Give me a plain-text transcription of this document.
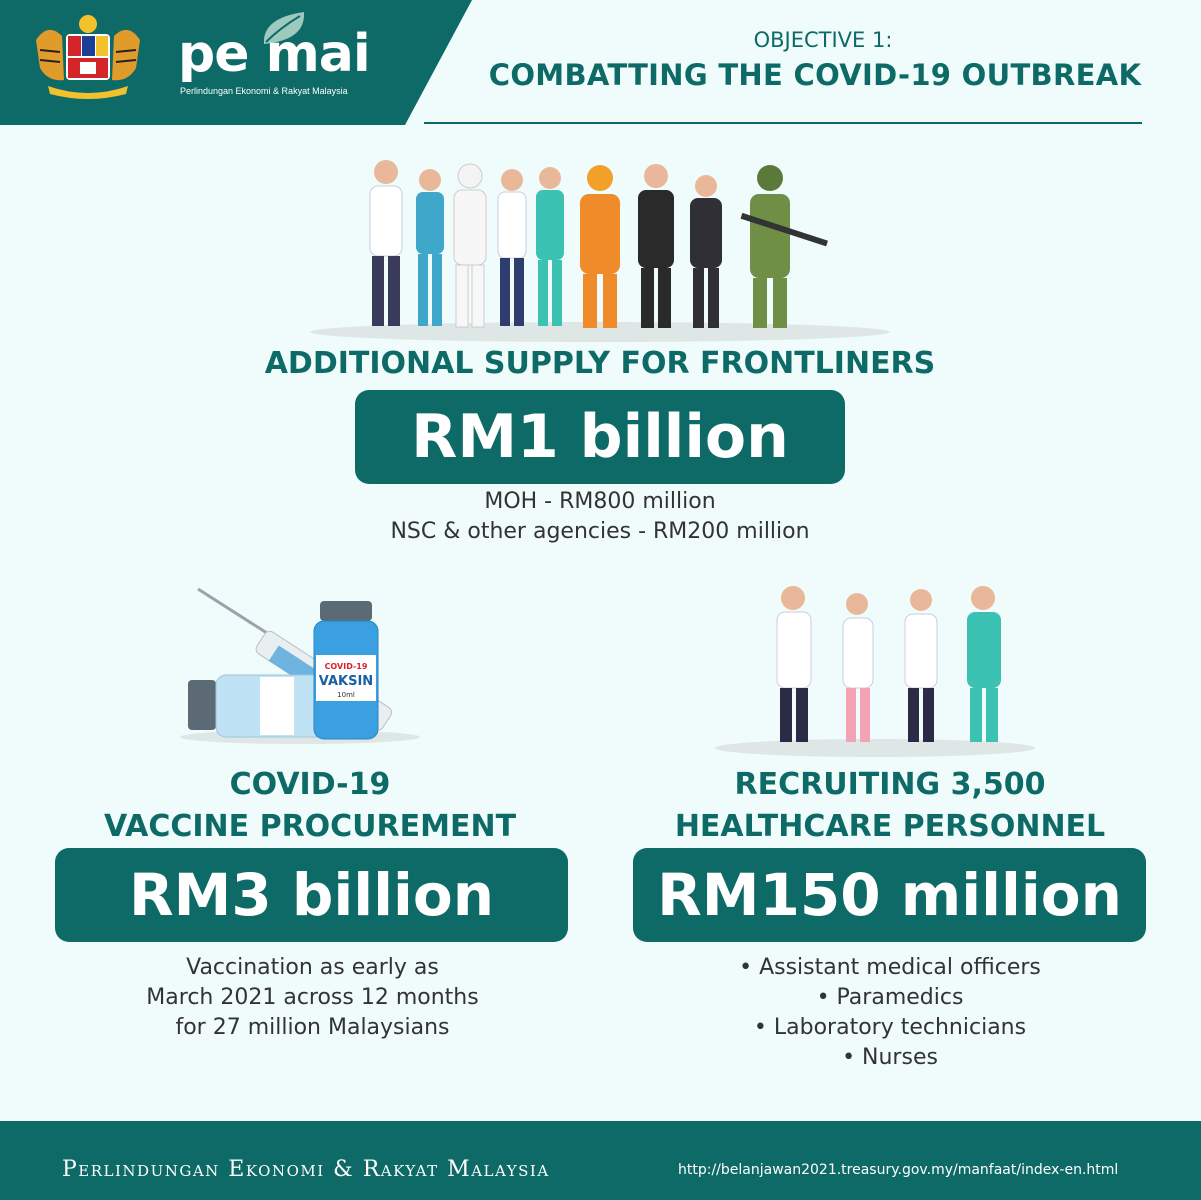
pe mai
Perlindungan Ekonomi & Rakyat Malaysia
OBJECTIVE 1:
COMBATTING THE COVID-19 OUTBREAK
ADDITIONAL SUPPLY FOR FRONTLINERS
RM1 billion
MOH - RM800 million
NSC & other agencies - RM200 million
COVID-19
VAKSIN
10ml
COVID-19
VACCINE PROCUREMENT
RM3 billion
Vaccination as early as
March 2021 across 12 months
for 27 million Malaysians
RECRUITING 3,500
HEALTHCARE PERSONNEL
RM150 million
• Assistant medical officers
• Paramedics
• Laboratory technicians
• Nurses
Perlindungan Ekonomi & Rakyat Malaysia	http://belanjawan2021.treasury.gov.my/manfaat/index-en.html
